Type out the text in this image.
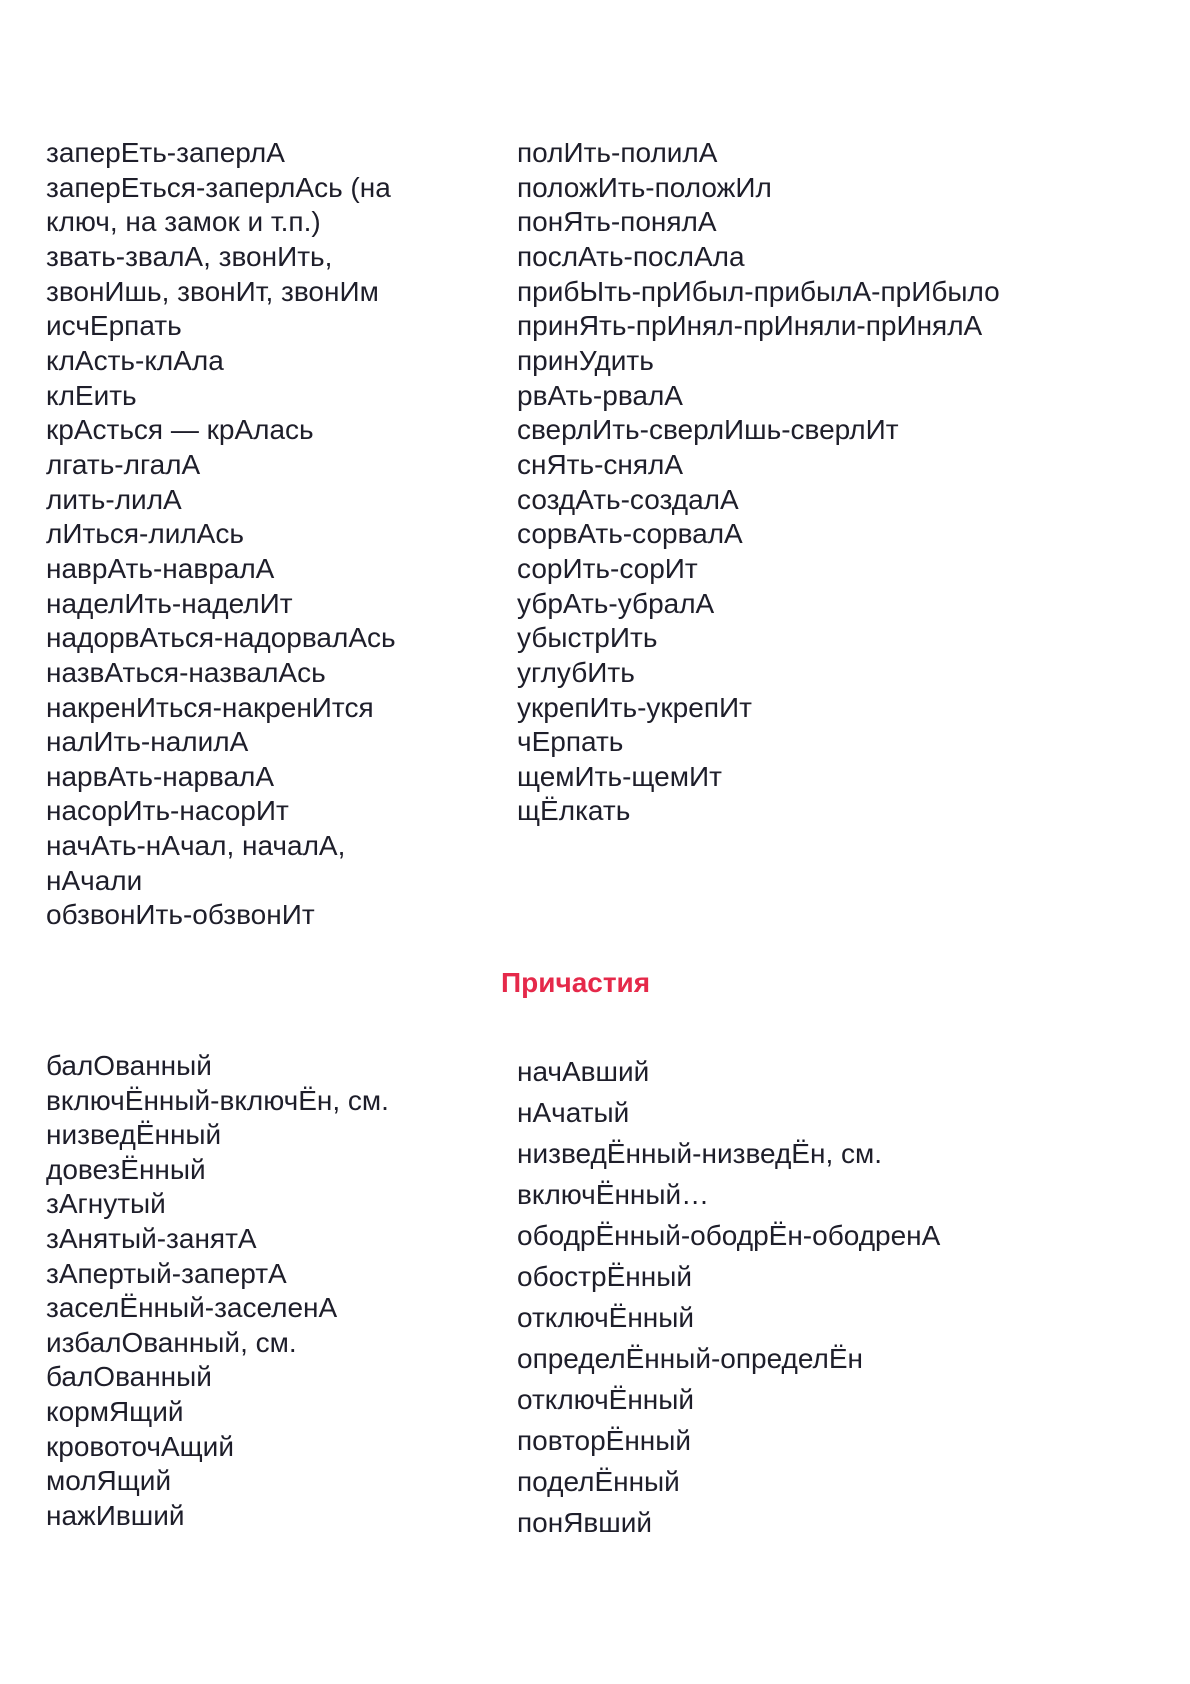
заперЕть-заперлА
заперЕться-заперлАсь (на
ключ, на замок и т.п.)
звать-звалА, звонИть,
звонИшь, звонИт, звонИм
исчЕрпать
клАсть-клАла
клЕить
крАсться — крАлась
лгать-лгалА
лить-лилА
лИться-лилАсь
наврАть-навралА
наделИть-наделИт
надорвАться-надорвалАсь
назвАться-назвалАсь
накренИться-накренИтся
налИть-налилА
нарвАть-нарвалА
насорИть-насорИт
начАть-нАчал, началА,
нАчали
обзвонИть-обзвонИт
полИть-полилА
положИть-положИл
понЯть-понялА
послАть-послАла
прибЫть-прИбыл-прибылА-прИбыло
принЯть-прИнял-прИняли-прИнялА
принУдить
рвАть-рвалА
сверлИть-сверлИшь-сверлИт
снЯть-снялА
создАть-создалА
сорвАть-сорвалА
сорИть-сорИт
убрАть-убралА
убыстрИть
углубИть
укрепИть-укрепИт
чЕрпать
щемИть-щемИт
щЁлкать
Причастия
балОванный
включЁнный-включЁн, см.
низведЁнный
довезЁнный
зАгнутый
зАнятый-занятА
зАпертый-запертА
заселЁнный-заселенА
избалОванный, см.
балОванный
кормЯщий
кровоточАщий
молЯщий
нажИвший
начАвший
нАчатый
низведЁнный-низведЁн, см.
включЁнный…
ободрЁнный-ободрЁн-ободренА
обострЁнный
отключЁнный
определЁнный-определЁн
отключЁнный
повторЁнный
поделЁнный
понЯвший
